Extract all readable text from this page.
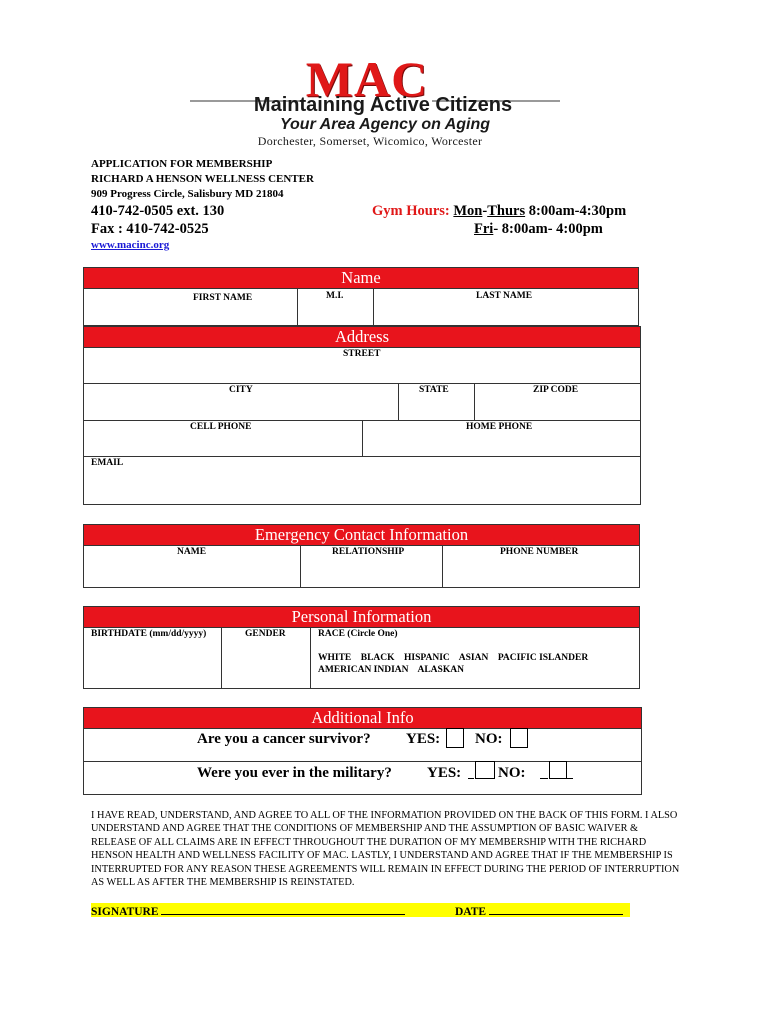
MAC
Maintaining Active Citizens
Your Area Agency on Aging
Dorchester, Somerset, Wicomico, Worcester
APPLICATION FOR MEMBERSHIP
RICHARD A HENSON WELLNESS CENTER
909 Progress Circle, Salisbury MD 21804
410-742-0505 ext. 130
Fax : 410-742-0525
www.macinc.org
Gym Hours: Mon-Thurs 8:00am-4:30pm
Fri- 8:00am- 4:00pm
Name
FIRST NAME	M.I.	LAST NAME
Address
STREET
CITY	STATE	ZIP CODE
CELL PHONE	HOME PHONE
EMAIL
Emergency Contact Information
NAME	RELATIONSHIP	PHONE NUMBER
Personal Information
BIRTHDATE (mm/dd/yyyy)	GENDER	RACE (Circle One)
WHITE    BLACK    HISPANIC    ASIAN    PACIFIC ISLANDER
AMERICAN INDIAN    ALASKAN
Additional Info
Are you a cancer survivor? YES: NO:
Were you ever in the military? YES: NO:
I HAVE READ, UNDERSTAND, AND AGREE TO ALL OF THE INFORMATION PROVIDED ON THE BACK OF THIS FORM. I ALSO UNDERSTAND AND AGREE THAT THE CONDITIONS OF MEMBERSHIP AND THE ASSUMPTION OF BASIC WAIVER & RELEASE OF ALL CLAIMS ARE IN EFFECT THROUGHOUT THE DURATION OF MY MEMBERSHIP WITH THE RICHARD HENSON HEALTH AND WELLNESS FACILITY OF MAC. LASTLY, I UNDERSTAND AND AGREE THAT IF THE MEMBERSHIP IS INTERRUPTED FOR ANY REASON THESE AGREEMENTS WILL REMAIN IN EFFECT DURING THE PERIOD OF INTERRUPTION AS WELL AS AFTER THE MEMBERSHIP IS REINSTATED.
SIGNATURE	DATE
